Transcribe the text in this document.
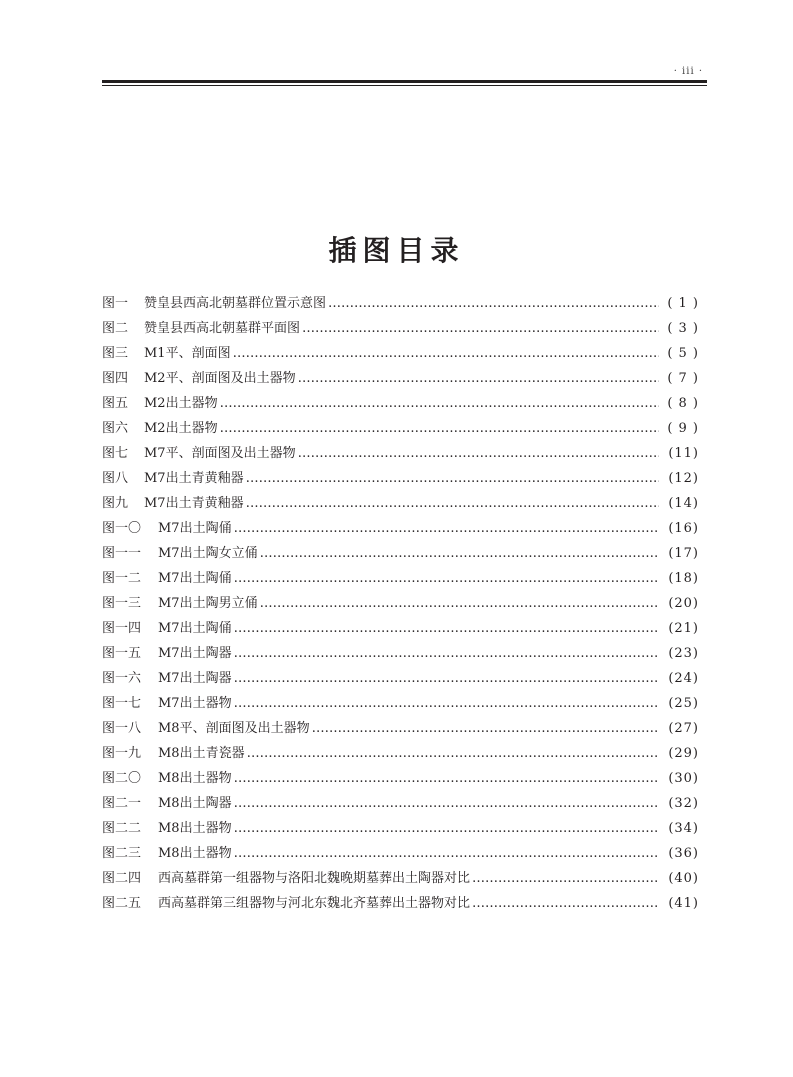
· iii ·
插图目录
图一	赞皇县西高北朝墓群位置示意图 ……………………………………………………………………………………………………………………………………………………………………	( 1 )
图二	赞皇县西高北朝墓群平面图 ……………………………………………………………………………………………………………………………………………………………………	( 3 )
图三	M1平、剖面图 ……………………………………………………………………………………………………………………………………………………………………	( 5 )
图四	M2平、剖面图及出土器物 ……………………………………………………………………………………………………………………………………………………………………	( 7 )
图五	M2出土器物 ……………………………………………………………………………………………………………………………………………………………………	( 8 )
图六	M2出土器物 ……………………………………………………………………………………………………………………………………………………………………	( 9 )
图七	M7平、剖面图及出土器物 ……………………………………………………………………………………………………………………………………………………………………	(11)
图八	M7出土青黄釉器 ……………………………………………………………………………………………………………………………………………………………………	(12)
图九	M7出土青黄釉器 ……………………………………………………………………………………………………………………………………………………………………	(14)
图一〇	M7出土陶俑 ……………………………………………………………………………………………………………………………………………………………………	(16)
图一一	M7出土陶女立俑 ……………………………………………………………………………………………………………………………………………………………………	(17)
图一二	M7出土陶俑 ……………………………………………………………………………………………………………………………………………………………………	(18)
图一三	M7出土陶男立俑 ……………………………………………………………………………………………………………………………………………………………………	(20)
图一四	M7出土陶俑 ……………………………………………………………………………………………………………………………………………………………………	(21)
图一五	M7出土陶器 ……………………………………………………………………………………………………………………………………………………………………	(23)
图一六	M7出土陶器 ……………………………………………………………………………………………………………………………………………………………………	(24)
图一七	M7出土器物 ……………………………………………………………………………………………………………………………………………………………………	(25)
图一八	M8平、剖面图及出土器物 ……………………………………………………………………………………………………………………………………………………………………	(27)
图一九	M8出土青瓷器 ……………………………………………………………………………………………………………………………………………………………………	(29)
图二〇	M8出土器物 ……………………………………………………………………………………………………………………………………………………………………	(30)
图二一	M8出土陶器 ……………………………………………………………………………………………………………………………………………………………………	(32)
图二二	M8出土器物 ……………………………………………………………………………………………………………………………………………………………………	(34)
图二三	M8出土器物 ……………………………………………………………………………………………………………………………………………………………………	(36)
图二四	西高墓群第一组器物与洛阳北魏晚期墓葬出土陶器对比 ……………………………………………………………………………………………………………………………………………………………………	(40)
图二五	西高墓群第三组器物与河北东魏北齐墓葬出土器物对比 ……………………………………………………………………………………………………………………………………………………………………	(41)
